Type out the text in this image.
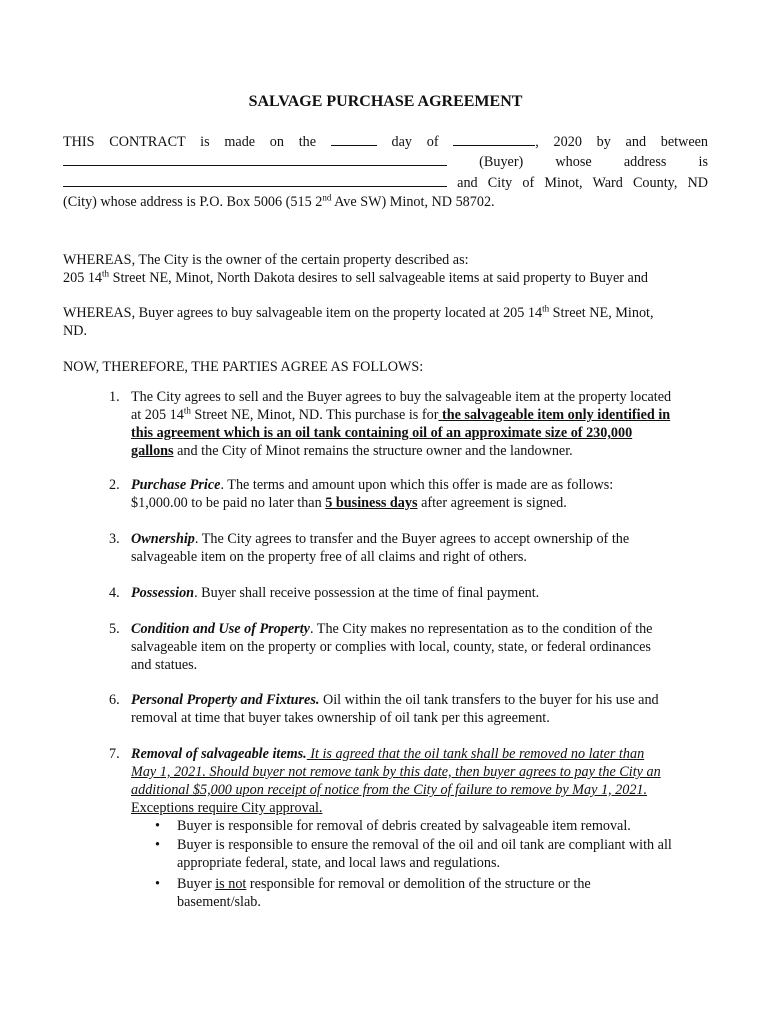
SALVAGE PURCHASE AGREEMENT
THIS CONTRACT is made on the	day of	, 2020 by and between
(Buyer) whose address is
and City of Minot, Ward County, ND
(City) whose address is P.O. Box 5006 (515 2nd Ave SW) Minot, ND 58702.
WHEREAS, The City is the owner of the certain property described as:
205 14th Street NE, Minot, North Dakota desires to sell salvageable items at said property to Buyer and
WHEREAS, Buyer agrees to buy salvageable item on the property located at 205 14th Street NE, Minot,
ND.
NOW, THEREFORE, THE PARTIES AGREE AS FOLLOWS:
1. The City agrees to sell and the Buyer agrees to buy the salvageable item at the property located
at 205 14th Street NE, Minot, ND. This purchase is for the salvageable item only identified in
this agreement which is an oil tank containing oil of an approximate size of 230,000
gallons and the City of Minot remains the structure owner and the landowner.
2. Purchase Price. The terms and amount upon which this offer is made are as follows:
$1,000.00 to be paid no later than 5 business days after agreement is signed.
3. Ownership. The City agrees to transfer and the Buyer agrees to accept ownership of the
salvageable item on the property free of all claims and right of others.
4. Possession. Buyer shall receive possession at the time of final payment.
5. Condition and Use of Property. The City makes no representation as to the condition of the
salvageable item on the property or complies with local, county, state, or federal ordinances
and statues.
6. Personal Property and Fixtures. Oil within the oil tank transfers to the buyer for his use and
removal at time that buyer takes ownership of oil tank per this agreement.
7. Removal of salvageable items. It is agreed that the oil tank shall be removed no later than
May 1, 2021. Should buyer not remove tank by this date, then buyer agrees to pay the City an
additional $5,000 upon receipt of notice from the City of failure to remove by May 1, 2021.
Exceptions require City approval.
• Buyer is responsible for removal of debris created by salvageable item removal.
• Buyer is responsible to ensure the removal of the oil and oil tank are compliant with all
appropriate federal, state, and local laws and regulations.
• Buyer is not responsible for removal or demolition of the structure or the
basement/slab.
